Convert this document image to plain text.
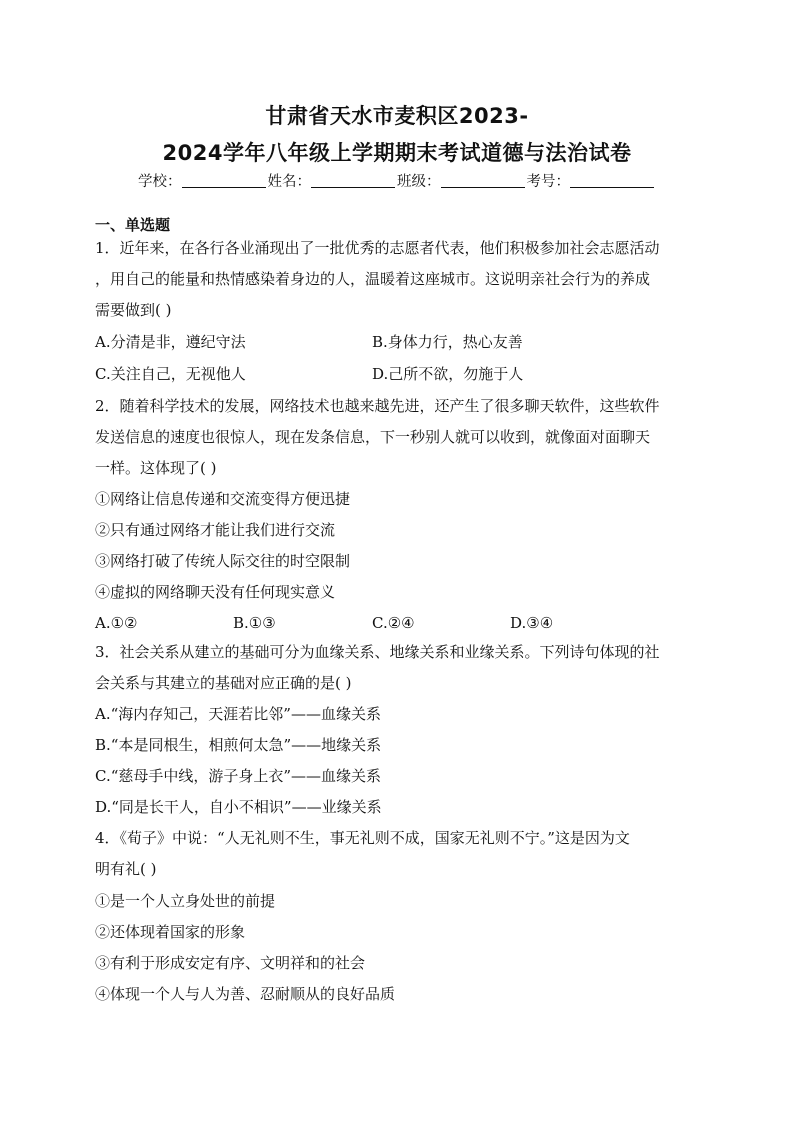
甘肃省天水市麦积区2023-
2024学年八年级上学期期末考试道德与法治试卷
学校：	姓名：	班级：	考号：
一、单选题
1．近年来，在各行各业涌现出了一批优秀的志愿者代表，他们积极参加社会志愿活动
，用自己的能量和热情感染着身边的人，温暖着这座城市。这说明亲社会行为的养成
需要做到( )
A.分清是非，遵纪守法	B.身体力行，热心友善
C.关注自己，无视他人	D.己所不欲，勿施于人
2．随着科学技术的发展，网络技术也越来越先进，还产生了很多聊天软件，这些软件
发送信息的速度也很惊人，现在发条信息，下一秒别人就可以收到，就像面对面聊天
一样。这体现了( )
①网络让信息传递和交流变得方便迅捷
②只有通过网络才能让我们进行交流
③网络打破了传统人际交往的时空限制
④虚拟的网络聊天没有任何现实意义
A.①②	B.①③	C.②④	D.③④
3．社会关系从建立的基础可分为血缘关系、地缘关系和业缘关系。下列诗句体现的社
会关系与其建立的基础对应正确的是( )
A.“海内存知己，天涯若比邻”——血缘关系
B.“本是同根生，相煎何太急”——地缘关系
C.“慈母手中线，游子身上衣”——血缘关系
D.“同是长干人，自小不相识”——业缘关系
4．《荀子》中说：“人无礼则不生，事无礼则不成，国家无礼则不宁。”这是因为文
明有礼( )
①是一个人立身处世的前提
②还体现着国家的形象
③有利于形成安定有序、文明祥和的社会
④体现一个人与人为善、忍耐顺从的良好品质
